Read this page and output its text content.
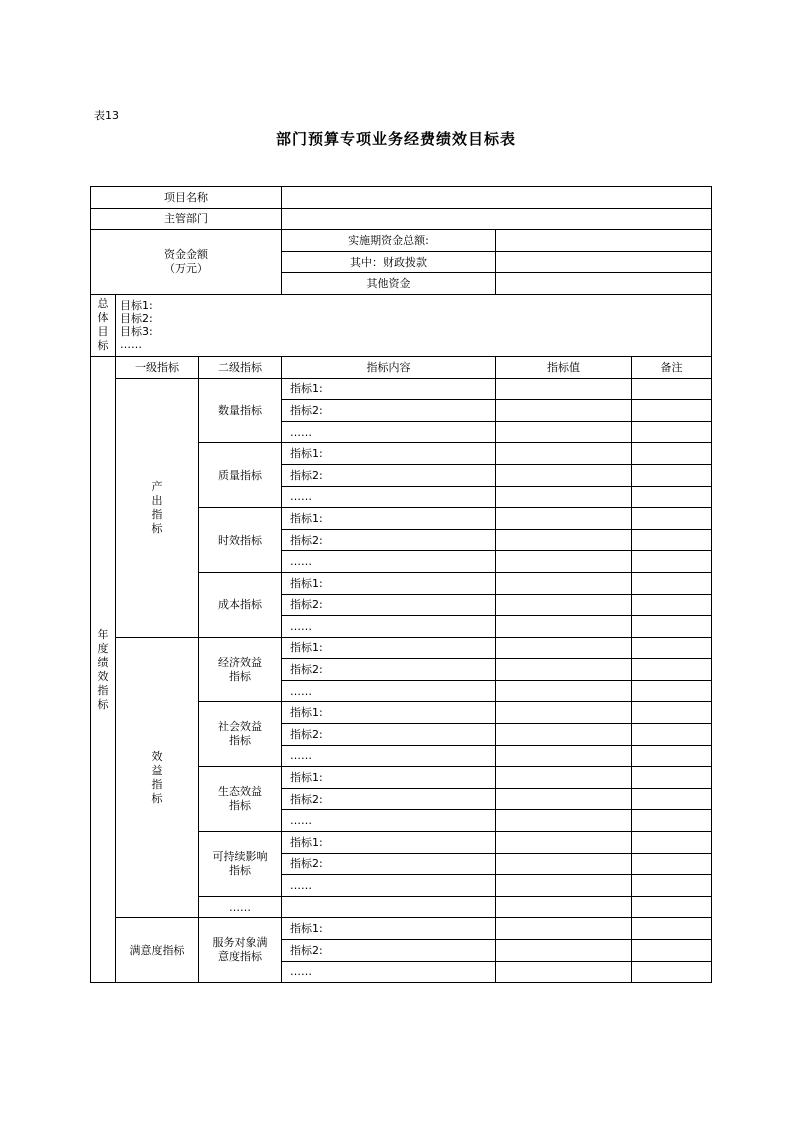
表13
部门预算专项业务经费绩效目标表
项目名称					
主管部门					

资金金额
（万元）			实施期资金总额:		
			其中：财政拨款		
			其他资金		

总体目标	目标1:
目标2:
目标3:
……				

年度绩效指标	一级指标	二级指标	指标内容	指标值	备注

	产出指标	数量指标	指标1:		
			指标2:		
			……		
		质量指标	指标1:		
			指标2:		
			……		
		时效指标	指标1:		
			指标2:		
			……		
		成本指标	指标1:		
			指标2:		
			……		

	效益指标	经济效益指标	指标1:		
			指标2:		
			……		

		社会效益指标	指标1:		
			指标2:		
			……		

		生态效益指标	指标1:		
			指标2:		
			……		

		可持续影响指标	指标1:		
			指标2:		
			……		
		……			
	满意度指标	服务对象满意度指标	指标1:		
			指标2:		
			……		
